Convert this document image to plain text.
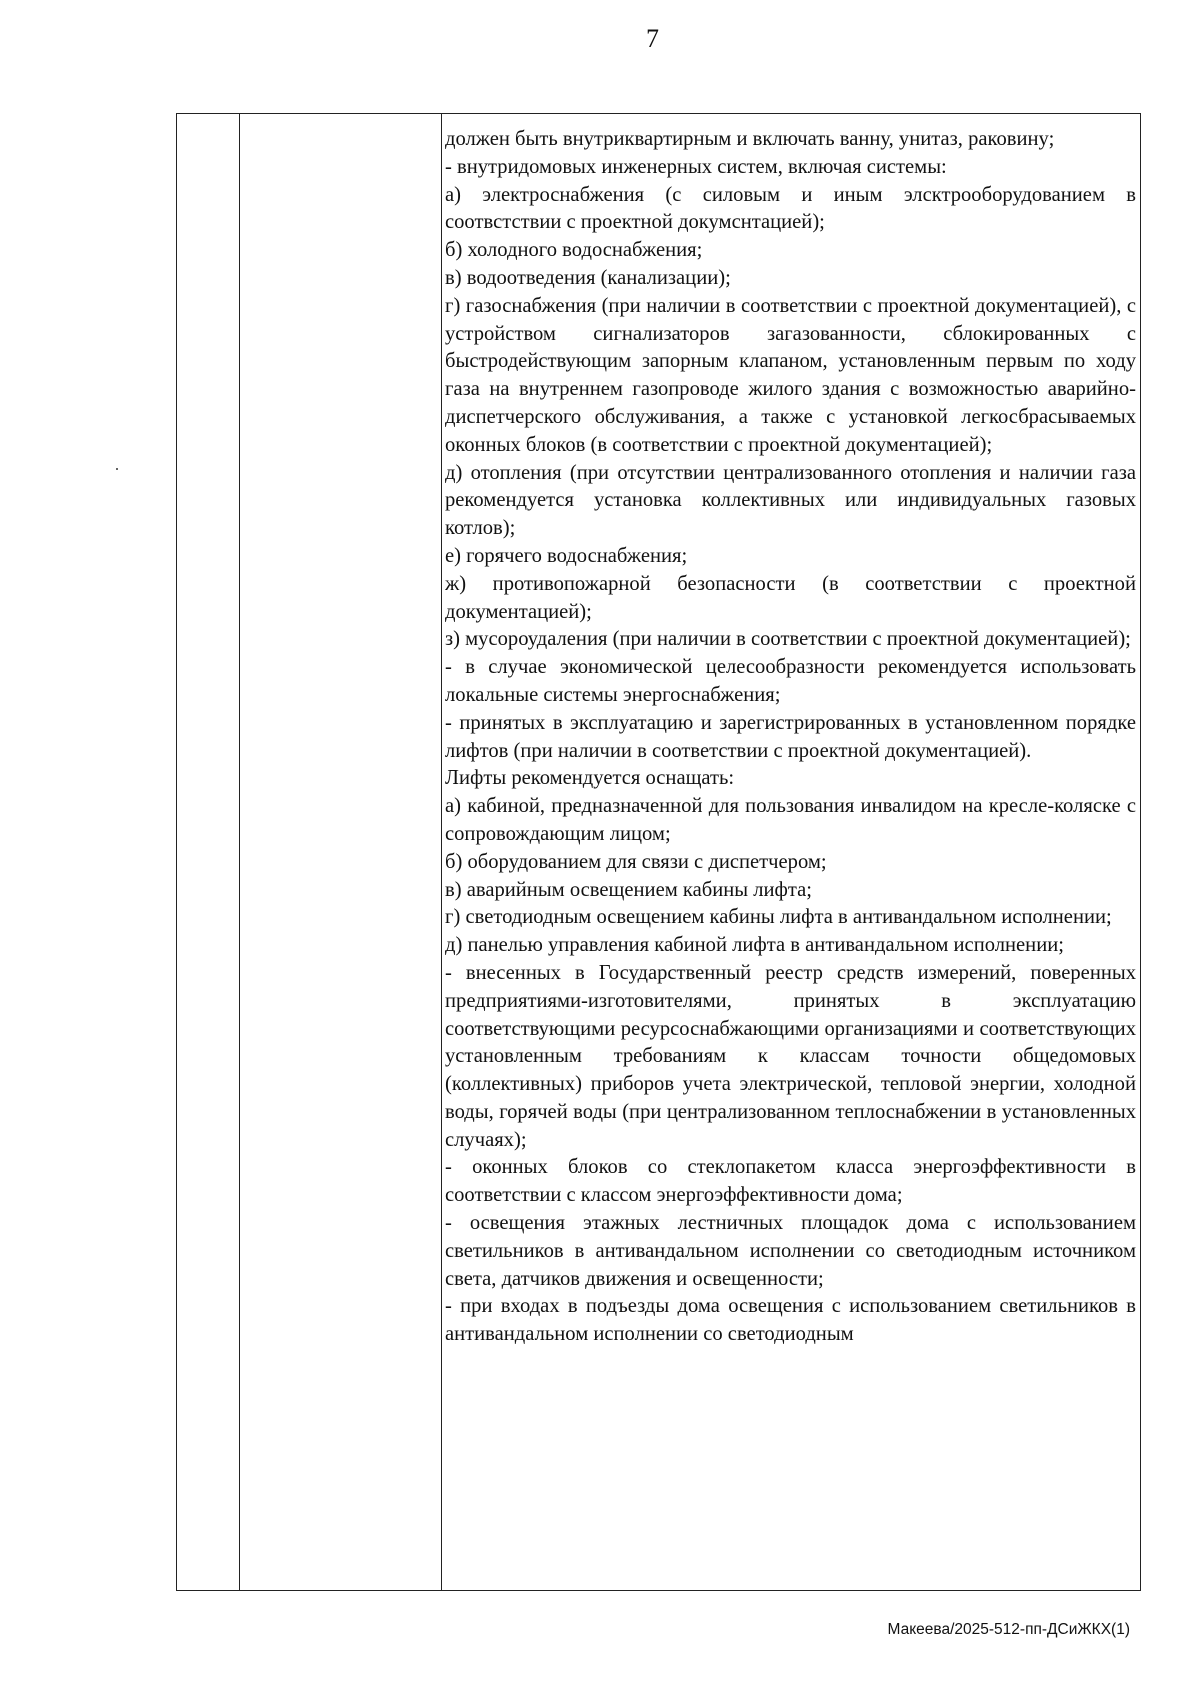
7

должен быть внутриквартирным и включать ванну, унитаз, раковину;

- внутридомовых инженерных систем, включая системы:

а) электроснабжения (с силовым и иным элсктрооборудованием в соотвстствии с проектной докумснтацией);

б) холодного водоснабжения;

в) водоотведения (канализации);

г) газоснабжения (при наличии в соответствии с проектной документацией), с устройством сигнализаторов загазованности, сблокированных с быстродействующим запорным клапаном, установленным первым по ходу газа на внутреннем газопроводе жилого здания с возможностью аварийно-диспетчерского обслуживания, а также с установкой легкосбрасываемых оконных блоков (в соответствии с проектной документацией);

д) отопления (при отсутствии централизованного отопления и наличии газа рекомендуется установка коллективных или индивидуальных газовых котлов);

е) горячего водоснабжения;

ж) противопожарной безопасности (в соответствии с проектной документацией);

з) мусороудаления (при наличии в соответствии с проектной документацией);

- в случае экономической целесообразности рекомендуется использовать локальные системы энергоснабжения;

- принятых в эксплуатацию и зарегистрированных в установленном порядке лифтов (при наличии в соответствии с проектной документацией).

Лифты рекомендуется оснащать:

а) кабиной, предназначенной для пользования инвалидом на кресле-коляске с сопровождающим лицом;

б) оборудованием для связи с диспетчером;

в) аварийным освещением кабины лифта;

г) светодиодным освещением кабины лифта в антивандальном исполнении;

д) панелью управления кабиной лифта в антивандальном исполнении;

- внесенных в Государственный реестр средств измерений, поверенных предприятиями-изготовителями, принятых в эксплуатацию соответствующими ресурсоснабжающими организациями и соответствующих установленным требованиям к классам точности общедомовых (коллективных) приборов учета электрической, тепловой энергии, холодной воды, горячей воды (при централизованном теплоснабжении в установленных случаях);

- оконных блоков со стеклопакетом класса энергоэффективности в соответствии с классом энергоэффективности дома;

- освещения этажных лестничных площадок дома с использованием светильников в антивандальном исполнении со светодиодным источником света, датчиков движения и освещенности;

- при входах в подъезды дома освещения с использованием светильников в антивандальном исполнении со светодиодным

Макеева/2025-512-пп-ДСиЖКХ(1)
